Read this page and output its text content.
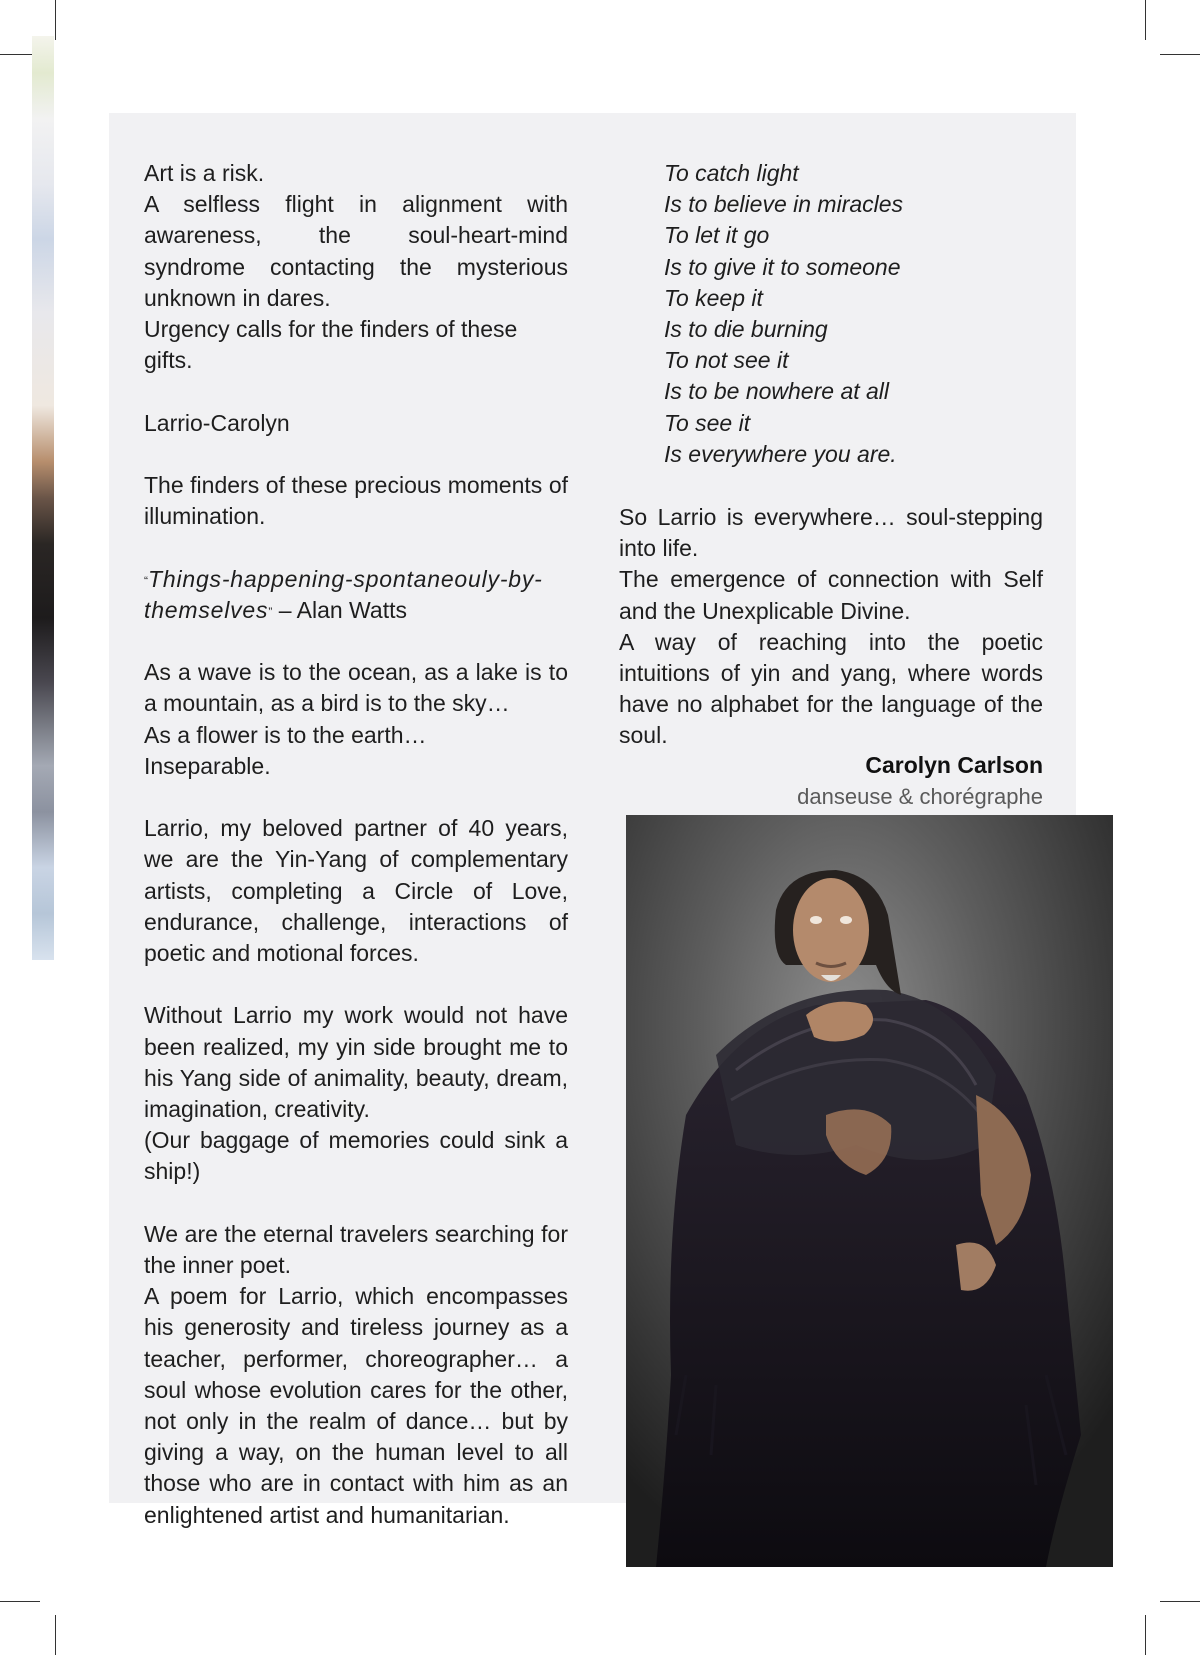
Art is a risk.

A selfless flight in alignment with awareness, the soul-heart-mind syndrome contacting the mysterious unknown in dares.

Urgency calls for the finders of these gifts.

Larrio-Carolyn

The finders of these precious moments of illumination.

“Things-happening-spontaneouly-by-themselves” – Alan Watts

As a wave is to the ocean, as a lake is to a mountain, as a bird is to the sky…

As a flower is to the earth…

Inseparable.

Larrio, my beloved partner of 40 years, we are the Yin-Yang of complementary artists, completing a Circle of Love, endurance, challenge, interactions of poetic and motional forces.

Without Larrio my work would not have been realized, my yin side brought me to his Yang side of animality, beauty, dream, imagination, creativity.

(Our baggage of memories could sink a ship!)

We are the eternal travelers searching for the inner poet.

A poem for Larrio, which encompasses his generosity and tireless journey as a teacher, performer, choreographer… a soul whose evolution cares for the other, not only in the realm of dance… but by giving a way, on the human level to all those who are in contact with him as an enlightened artist and humanitarian.

To catch light
Is to believe in miracles
To let it go
Is to give it to someone
To keep it
Is to die burning
To not see it
Is to be nowhere at all
To see it
Is everywhere you are.

So Larrio is everywhere… soul-stepping into life.

The emergence of connection with Self and the Unexplicable Divine.

A way of reaching into the poetic intuitions of yin and yang, where words have no alphabet for the language of the soul.

Carolyn Carlson
danseuse & chorégraphe
